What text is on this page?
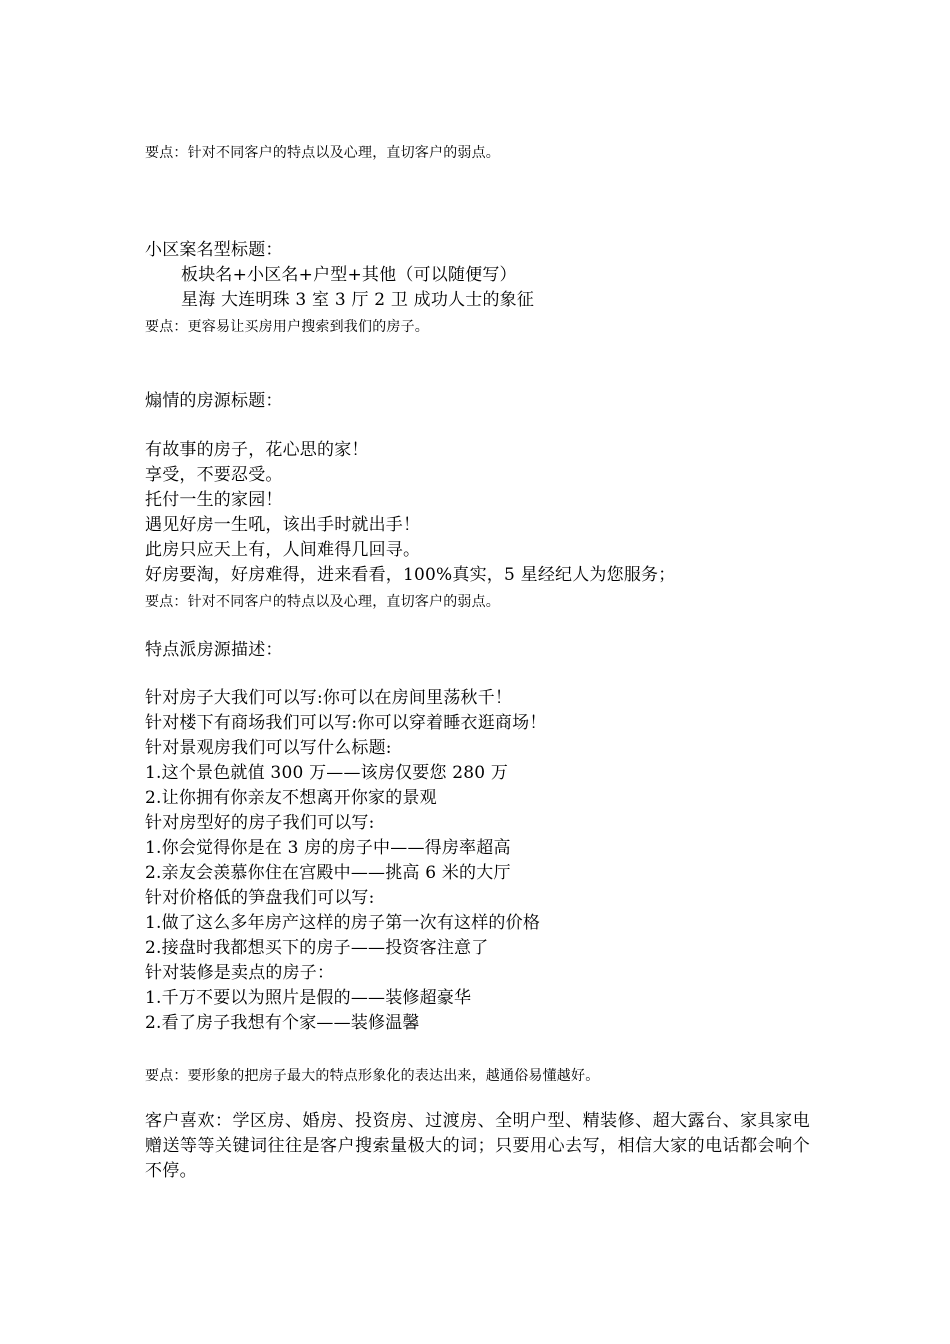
要点：针对不同客户的特点以及心理，直切客户的弱点。
小区案名型标题：
板块名+小区名+户型+其他（可以随便写）
星海 大连明珠 3 室 3 厅 2 卫 成功人士的象征
要点：更容易让买房用户搜索到我们的房子。
煽情的房源标题：
有故事的房子，花心思的家！
享受，不要忍受。
托付一生的家园！
遇见好房一生吼，该出手时就出手！
此房只应天上有，人间难得几回寻。
好房要淘，好房难得，进来看看，100%真实，5 星经纪人为您服务；
要点：针对不同客户的特点以及心理，直切客户的弱点。
特点派房源描述：
针对房子大我们可以写:你可以在房间里荡秋千！
针对楼下有商场我们可以写:你可以穿着睡衣逛商场！
针对景观房我们可以写什么标题:
1.这个景色就值 300 万——该房仅要您 280 万
2.让你拥有你亲友不想离开你家的景观
针对房型好的房子我们可以写:
1.你会觉得你是在 3 房的房子中——得房率超高
2.亲友会羡慕你住在宫殿中——挑高 6 米的大厅
针对价格低的笋盘我们可以写:
1.做了这么多年房产这样的房子第一次有这样的价格
2.接盘时我都想买下的房子——投资客注意了
针对装修是卖点的房子：
1.千万不要以为照片是假的——装修超豪华
2.看了房子我想有个家——装修温馨
要点：要形象的把房子最大的特点形象化的表达出来，越通俗易懂越好。
客户喜欢：学区房、婚房、投资房、过渡房、全明户型、精装修、超大露台、家具家电赠送等等关键词往往是客户搜索量极大的词；只要用心去写，相信大家的电话都会响个不停。
